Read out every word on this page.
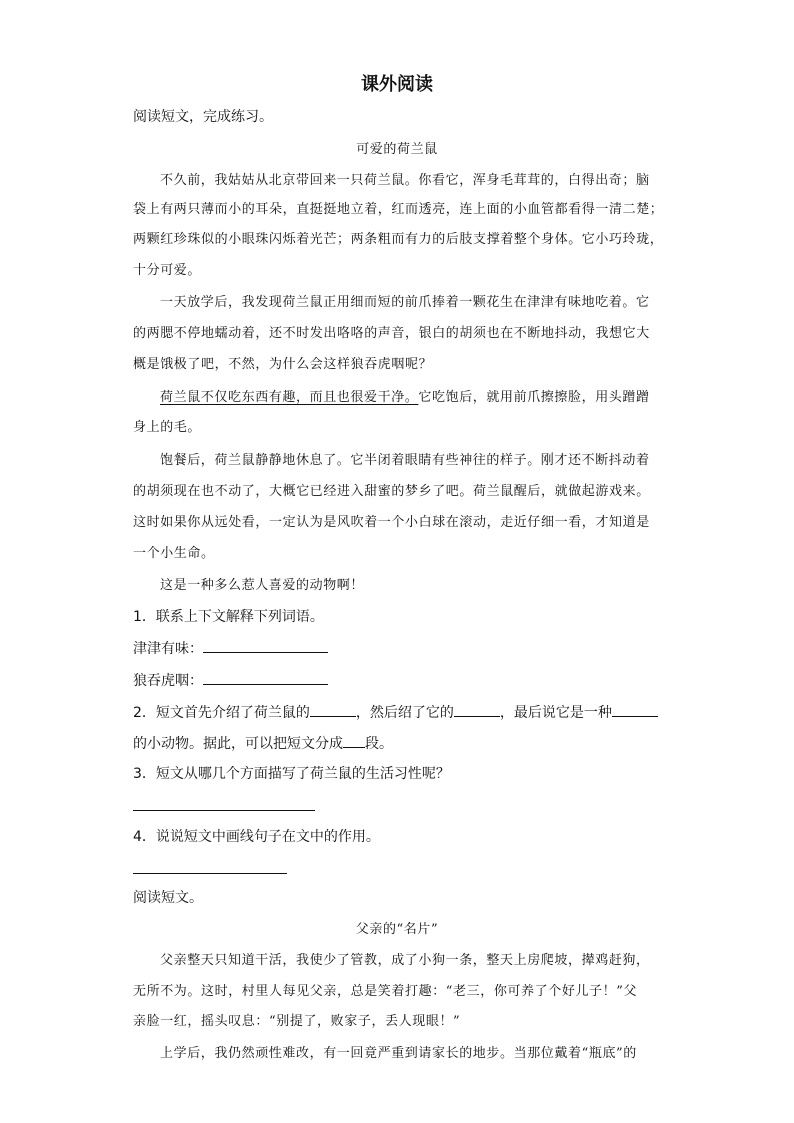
课外阅读
阅读短文，完成练习。
可爱的荷兰鼠
不久前，我姑姑从北京带回来一只荷兰鼠。你看它，浑身毛茸茸的，白得出奇；脑
袋上有两只薄而小的耳朵，直挺挺地立着，红而透亮，连上面的小血管都看得一清二楚；
两颗红珍珠似的小眼珠闪烁着光芒；两条粗而有力的后肢支撑着整个身体。它小巧玲珑，
十分可爱。
一天放学后，我发现荷兰鼠正用细而短的前爪捧着一颗花生在津津有味地吃着。它
的两腮不停地蠕动着，还不时发出咯咯的声音，银白的胡须也在不断地抖动，我想它大
概是饿极了吧，不然，为什么会这样狼吞虎咽呢？
荷兰鼠不仅吃东西有趣，而且也很爱干净。它吃饱后，就用前爪擦擦脸，用头蹭蹭
身上的毛。
饱餐后，荷兰鼠静静地休息了。它半闭着眼睛有些神往的样子。刚才还不断抖动着
的胡须现在也不动了，大概它已经进入甜蜜的梦乡了吧。荷兰鼠醒后，就做起游戏来。
这时如果你从远处看，一定认为是风吹着一个小白球在滚动，走近仔细一看，才知道是
一个小生命。
这是一种多么惹人喜爱的动物啊！
1．联系上下文解释下列词语。
津津有味：
狼吞虎咽：
2．短文首先介绍了荷兰鼠的	，然后绍了它的	，最后说它是一种
的小动物。据此，可以把短文分成 段。
3．短文从哪几个方面描写了荷兰鼠的生活习性呢？
4．说说短文中画线句子在文中的作用。
阅读短文。
父亲的“名片”
父亲整天只知道干活，我使少了管教，成了小狗一条，整天上房爬坡，撵鸡赶狗，
无所不为。这时，村里人每见父亲，总是笑着打趣：“老三，你可养了个好儿子！”父
亲脸一红，摇头叹息：“别提了，败家子，丢人现眼！”
上学后，我仍然顽性难改，有一回竟严重到请家长的地步。当那位戴着“瓶底”的
